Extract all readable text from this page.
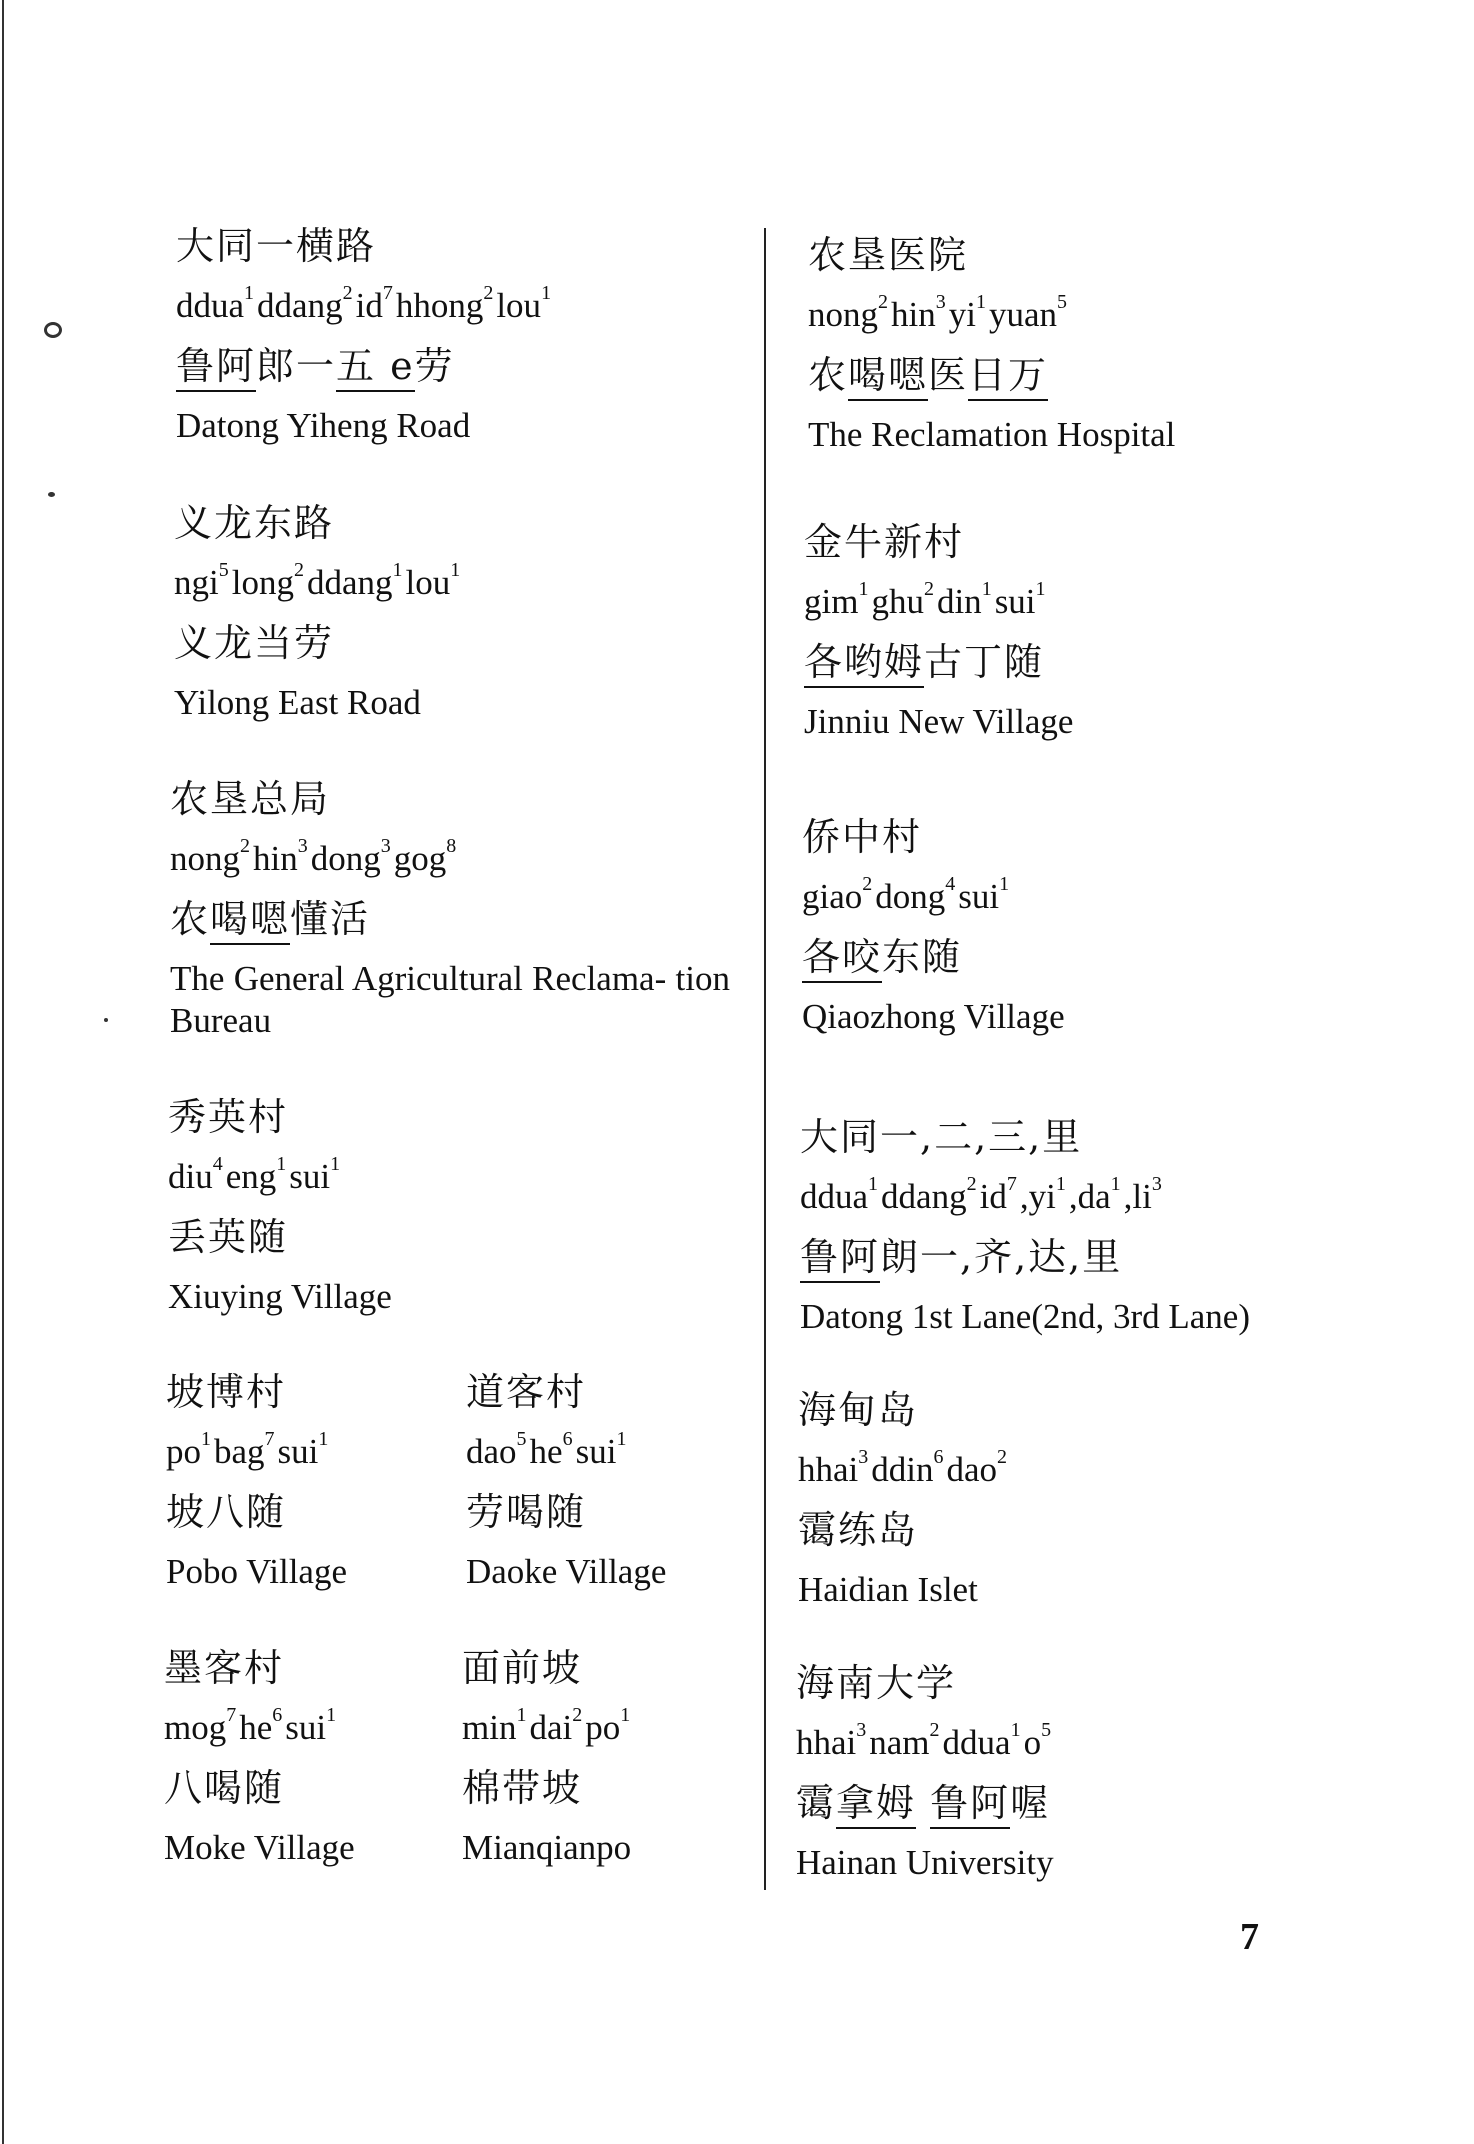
大同一横路
$ddua^1ddang^2id^7hhong^2lou^1$
鲁阿郎一五 e劳
Datong Yiheng Road
义龙东路
ngi$^5$long$^2$ddang$^1$lou$^1$
义龙当劳
Yilong East Road
农垦总局
nong$^2$hin$^3$dong$^3$gog$^8$
农喝嗯懂活
The General Agricultural Reclama- tion Bureau
秀英村
diu$^4$eng$^1$sui$^1$
丢英随
Xiuying Village
坡博村
$po^1bag^7sui^1$
坡八随
Pobo Village
道客村
$dao^5he^6sui^1$
劳喝随
Daoke Village
墨客村
$mog^7he^6sui^1$
八喝随
Moke Village
面前坡
$\min^1dai^2po^1$
棉带坡
Mianqianpo
农垦医院
$nong^2hin^3yi^1yuan^5$
农喝嗯医日万
The Reclamation Hospital
金牛新村
gim$^1$ghu$^2$din$^1$sui$^1$
各哟姆古丁随
Jinniu New Village
侨中村
giao$^2$dong$^4$sui$^1$
各咬东随
Qiaozhong Village
大同一,二,三,里
$ddua^1ddang^2id^7,yi^1,da^1,li^3$
鲁阿朗一,齐,达,里
Datong 1st Lane(2nd, 3rd Lane)
海甸岛
hhai$^3$ddin$^6$dao$^2$
霭练岛
Haidian Islet
海南大学
$hhai^3nam^2ddua^1o^5$
霭拿姆 鲁阿喔
Hainan University
7
